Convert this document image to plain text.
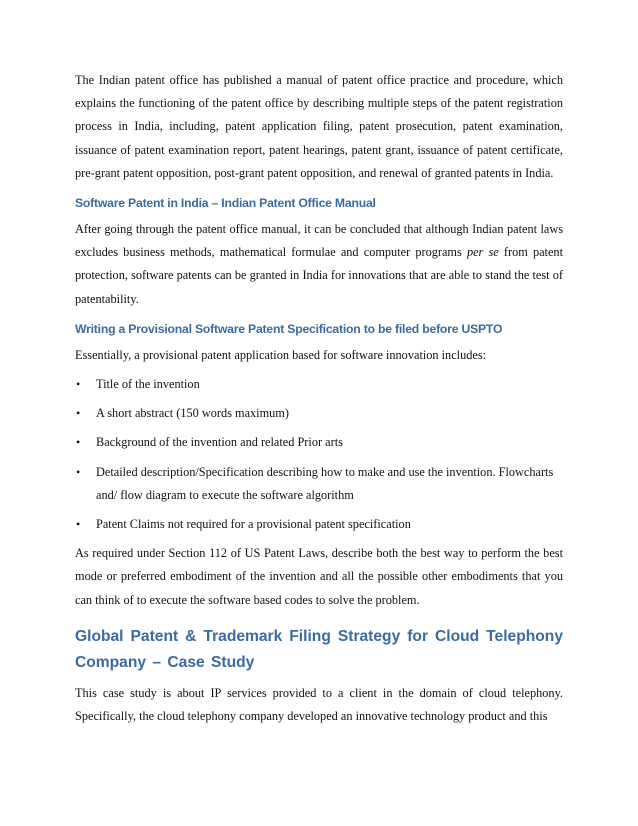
The Indian patent office has published a manual of patent office practice and procedure, which explains the functioning of the patent office by describing multiple steps of the patent registration process in India, including, patent application filing, patent prosecution, patent examination, issuance of patent examination report, patent hearings, patent grant, issuance of patent certificate, pre-grant patent opposition, post-grant patent opposition, and renewal of granted patents in India.

Software Patent in India – Indian Patent Office Manual

After going through the patent office manual, it can be concluded that although Indian patent laws excludes business methods, mathematical formulae and computer programs per se from patent protection, software patents can be granted in India for innovations that are able to stand the test of patentability.

Writing a Provisional Software Patent Specification to be filed before USPTO

Essentially, a provisional patent application based for software innovation includes:

• Title of the invention
• A short abstract (150 words maximum)
• Background of the invention and related Prior arts
• Detailed description/Specification describing how to make and use the invention. Flowcharts and/ flow diagram to execute the software algorithm
• Patent Claims not required for a provisional patent specification

As required under Section 112 of US Patent Laws, describe both the best way to perform the best mode or preferred embodiment of the invention and all the possible other embodiments that you can think of to execute the software based codes to solve the problem.

Global Patent & Trademark Filing Strategy for Cloud Telephony Company – Case Study

This case study is about IP services provided to a client in the domain of cloud telephony. Specifically, the cloud telephony company developed an innovative technology product and this
